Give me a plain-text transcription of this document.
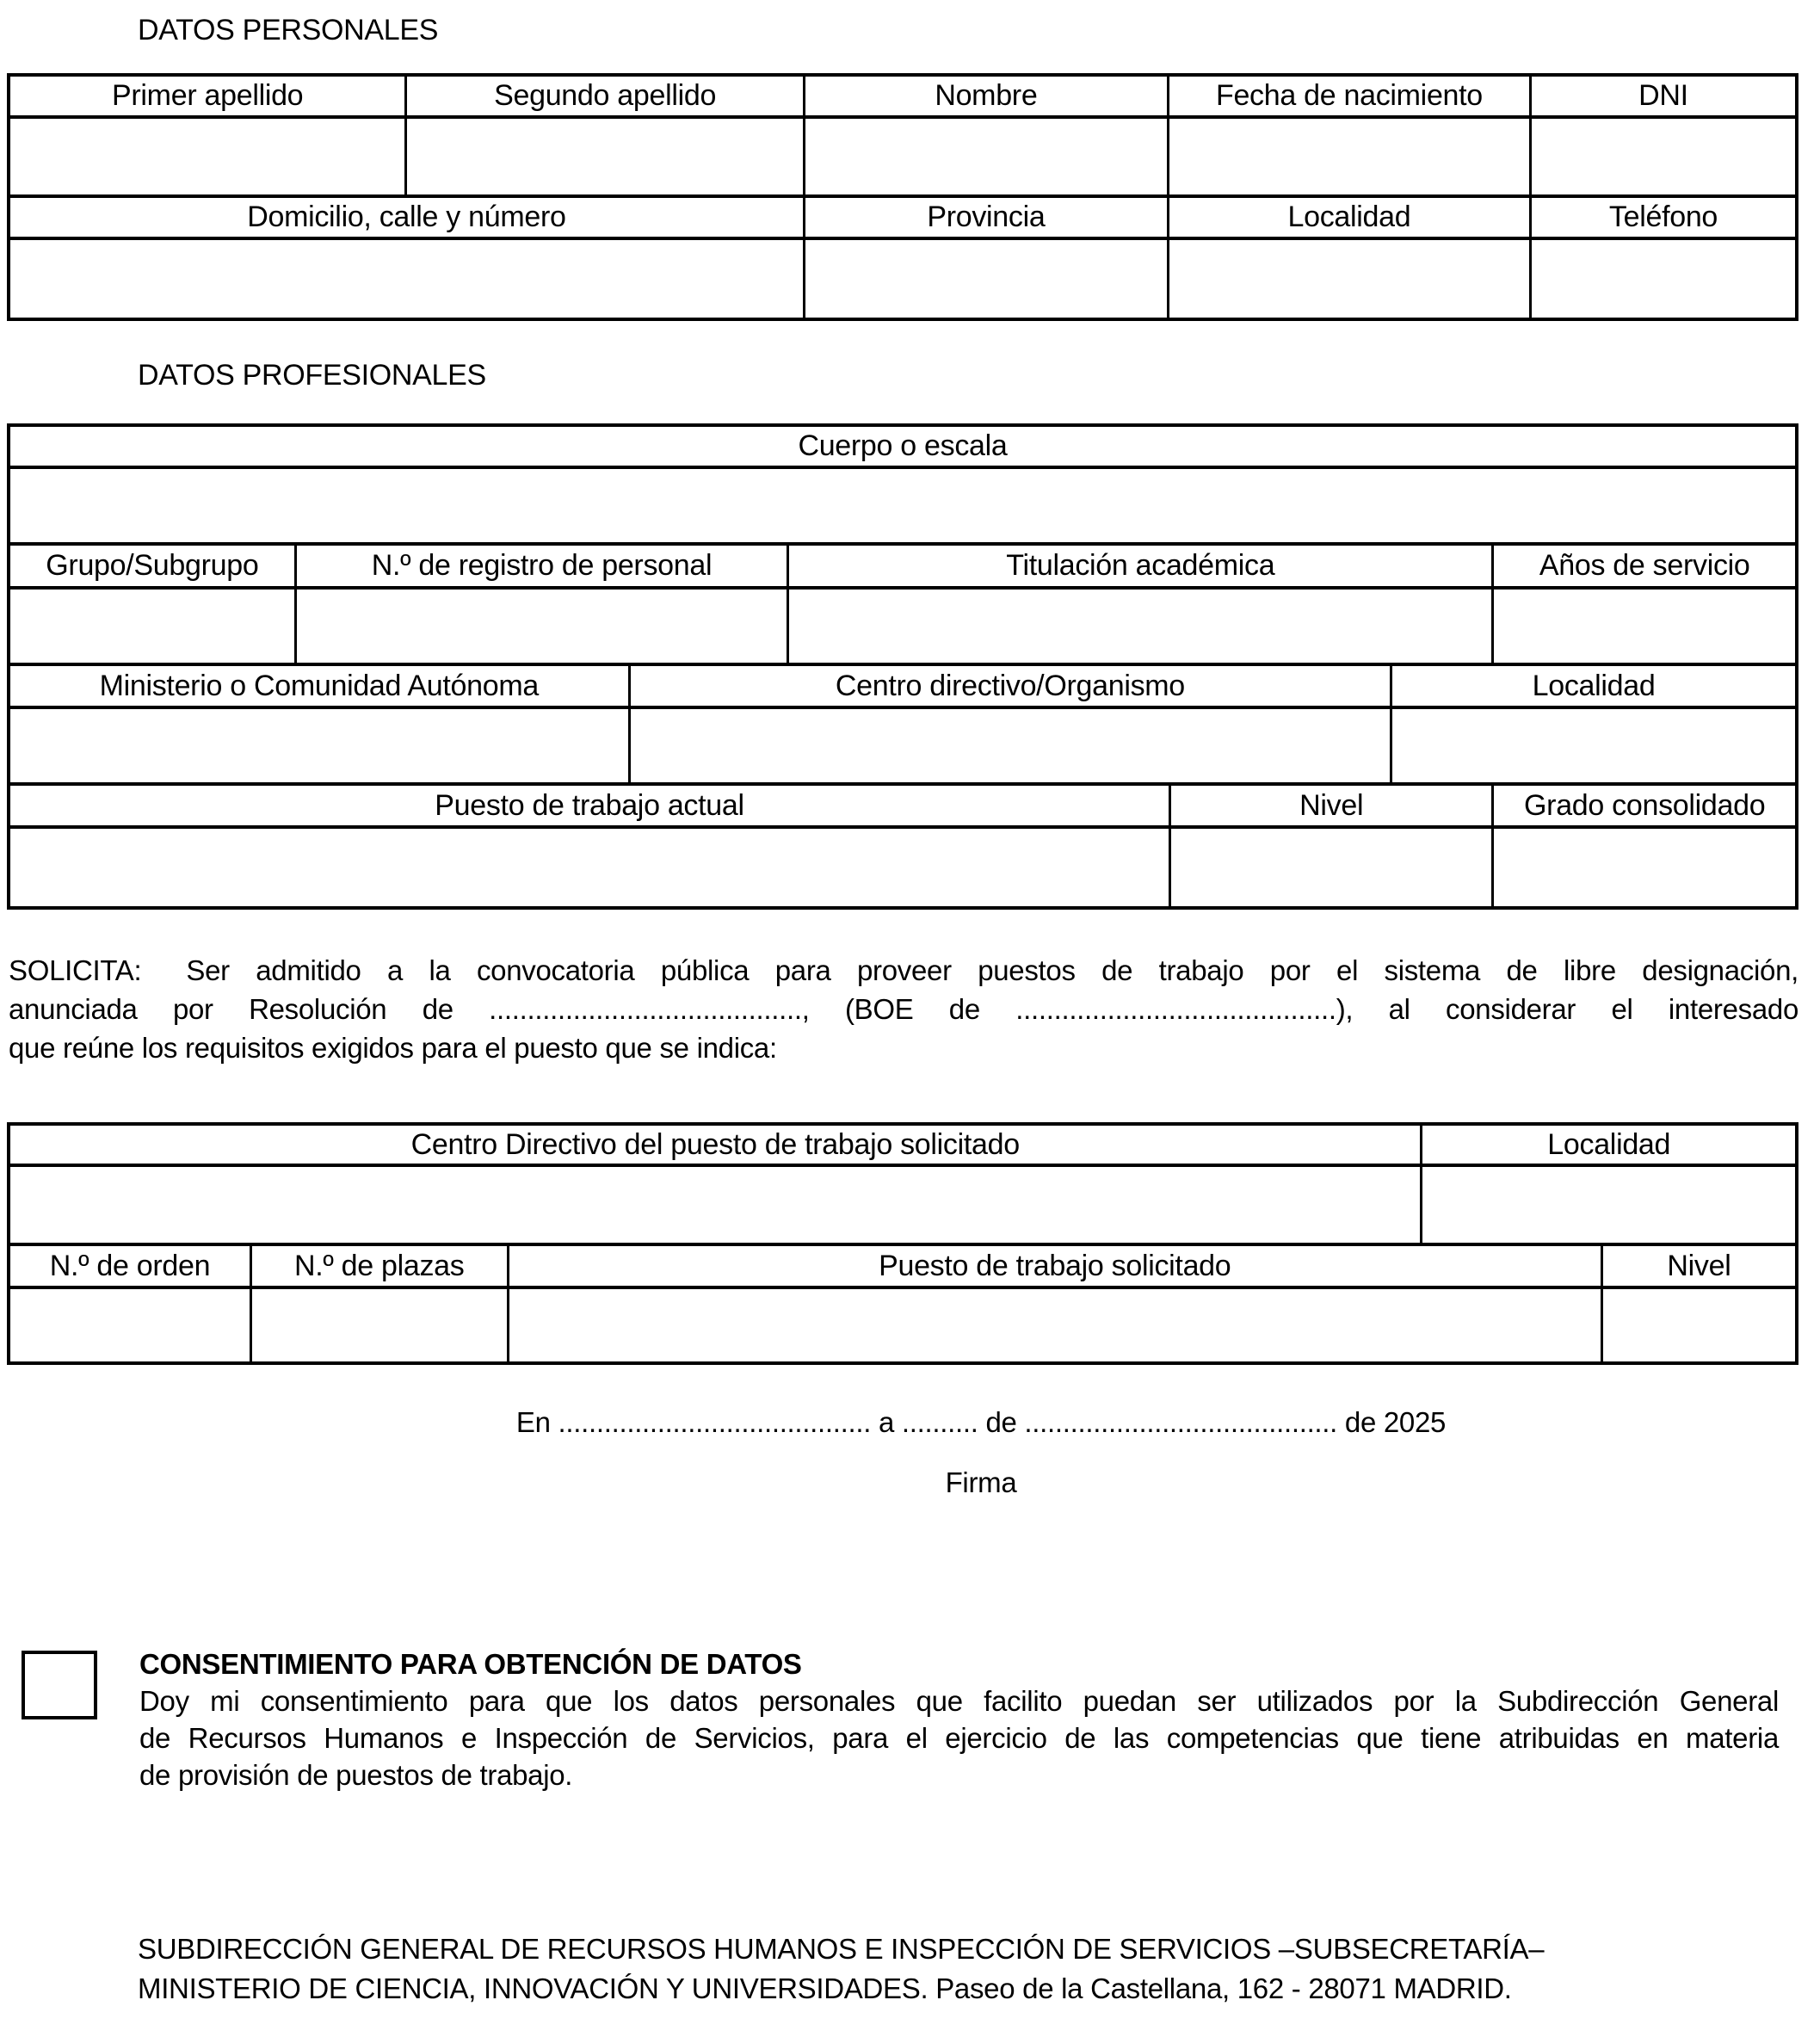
DATOS PERSONALES
Primer apellido	Segundo apellido	Nombre	Fecha de nacimiento	DNI
Domicilio, calle y número	Provincia	Localidad	Teléfono
DATOS PROFESIONALES
Cuerpo o escala
Grupo/Subgrupo	N.º de registro de personal	Titulación académica	Años de servicio
Ministerio o Comunidad Autónoma	Centro directivo/Organismo	Localidad
Puesto de trabajo actual	Nivel	Grado consolidado
SOLICITA: Ser admitido a la convocatoria pública para proveer puestos de trabajo por el sistema de libre designación,
anunciada por Resolución de ........................................., (BOE de ..........................................), al considerar el interesado
que reúne los requisitos exigidos para el puesto que se indica:
Centro Directivo del puesto de trabajo solicitado	Localidad
N.º de orden	N.º de plazas	Puesto de trabajo solicitado	Nivel
En ......................................... a .......... de ......................................... de 2025
Firma
CONSENTIMIENTO PARA OBTENCIÓN DE DATOS
Doy mi consentimiento para que los datos personales que facilito puedan ser utilizados por la Subdirección General
de Recursos Humanos e Inspección de Servicios, para el ejercicio de las competencias que tiene atribuidas en materia
de provisión de puestos de trabajo.
SUBDIRECCIÓN GENERAL DE RECURSOS HUMANOS E INSPECCIÓN DE SERVICIOS –SUBSECRETARÍA–
MINISTERIO DE CIENCIA, INNOVACIÓN Y UNIVERSIDADES. Paseo de la Castellana, 162 - 28071 MADRID.
